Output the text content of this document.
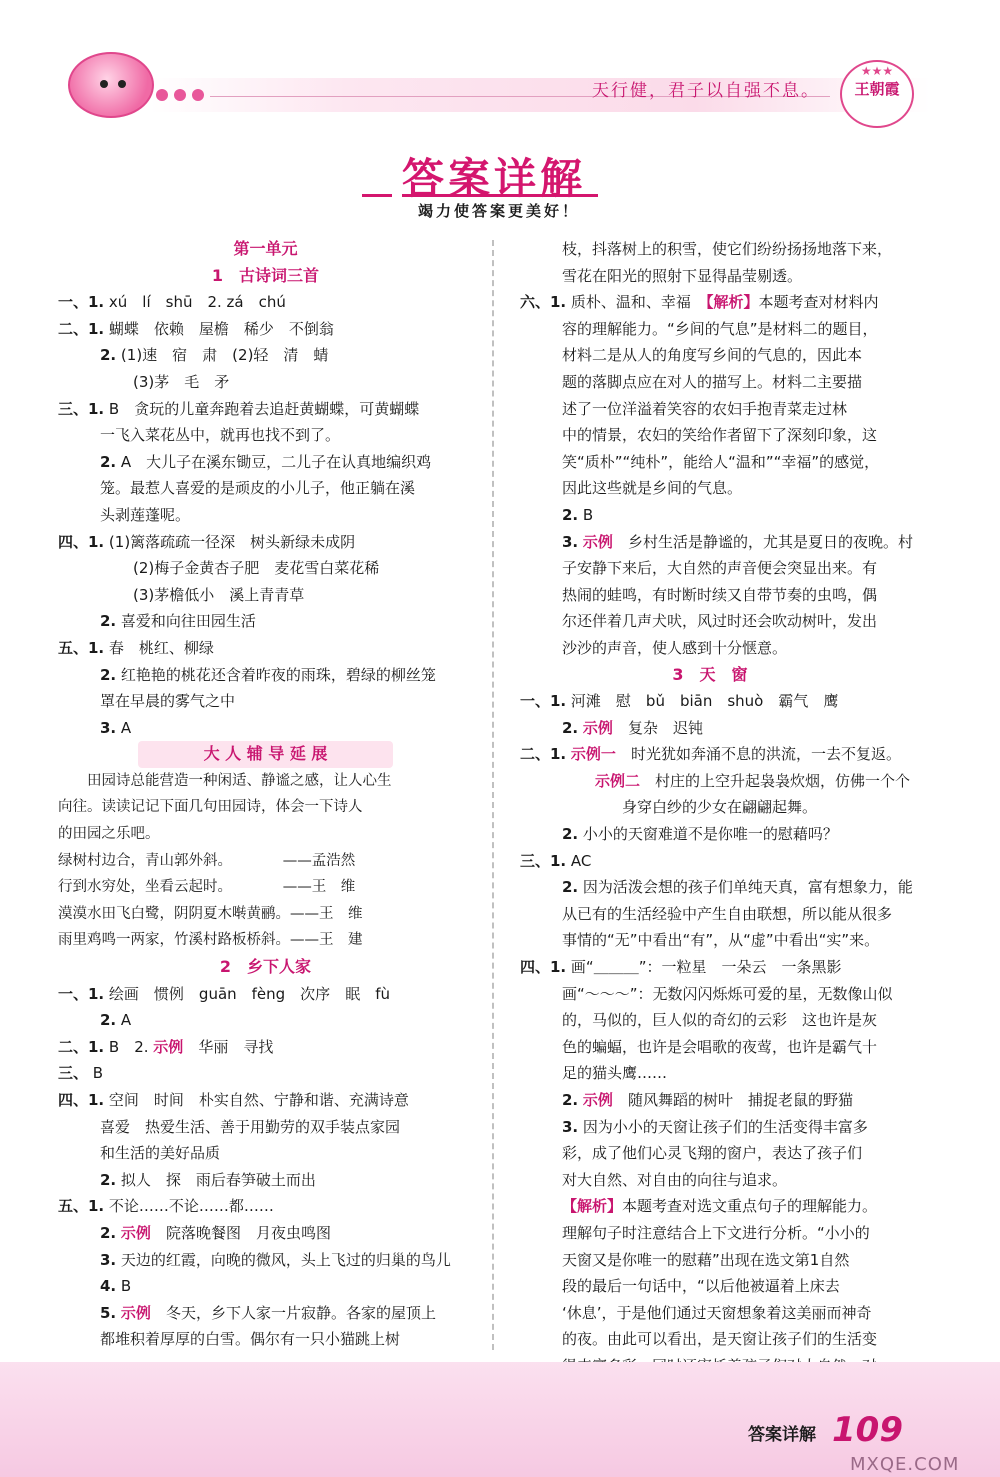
天行健，君子以自强不息。
★★★
王朝霞
答案详解
竭力使答案更美好！
第一单元
1　古诗词三首
一、1. xú　lí　shū　2. zá　chú
二、1. 蝴蝶　依赖　屋檐　稀少　不倒翁
2. (1)速　宿　肃　(2)轻　清　蜻
(3)茅　毛　矛
三、1. B　贪玩的儿童奔跑着去追赶黄蝴蝶，可黄蝴蝶
一飞入菜花丛中，就再也找不到了。
2. A　大儿子在溪东锄豆，二儿子在认真地编织鸡
笼。最惹人喜爱的是顽皮的小儿子，他正躺在溪
头剥莲蓬呢。
四、1. (1)篱落疏疏一径深　树头新绿未成阴
(2)梅子金黄杏子肥　麦花雪白菜花稀
(3)茅檐低小　溪上青青草
2. 喜爱和向往田园生活
五、1. 春　桃红、柳绿
2. 红艳艳的桃花还含着昨夜的雨珠，碧绿的柳丝笼
罩在早晨的雾气之中
3. A
大 人 辅 导 延 展
　　田园诗总能营造一种闲适、静谧之感，让人心生
向往。读读记记下面几句田园诗，体会一下诗人
的田园之乐吧。
绿树村边合，青山郭外斜。　　　　——孟浩然
行到水穷处，坐看云起时。　　　　——王　维
漠漠水田飞白鹭，阴阴夏木啭黄鹂。——王　维
雨里鸡鸣一两家，竹溪村路板桥斜。——王　建
2　乡下人家
一、1. 绘画　惯例　guān　fèng　次序　眠　fù
2. A
二、1. B　2. 示例　华丽　寻找
三、 B
四、1. 空间　时间　朴实自然、宁静和谐、充满诗意
喜爱　热爱生活、善于用勤劳的双手装点家园
和生活的美好品质
2. 拟人　探　雨后春笋破土而出
五、1. 不论……不论……都……
2. 示例　院落晚餐图　月夜虫鸣图
3. 天边的红霞，向晚的微风，头上飞过的归巢的鸟儿
4. B
5. 示例　冬天，乡下人家一片寂静。各家的屋顶上
都堆积着厚厚的白雪。偶尔有一只小猫跳上树
枝，抖落树上的积雪，使它们纷纷扬扬地落下来，
雪花在阳光的照射下显得晶莹剔透。
六、1. 质朴、温和、幸福　【解析】本题考查对材料内
容的理解能力。“乡间的气息”是材料二的题目，
材料二是从人的角度写乡间的气息的，因此本
题的落脚点应在对人的描写上。材料二主要描
述了一位洋溢着笑容的农妇手抱青菜走过林
中的情景，农妇的笑给作者留下了深刻印象，这
笑“质朴”“纯朴”，能给人“温和”“幸福”的感觉，
因此这些就是乡间的气息。
2. B
3. 示例　乡村生活是静谧的，尤其是夏日的夜晚。村
子安静下来后，大自然的声音便会突显出来。有
热闹的蛙鸣，有时断时续又自带节奏的虫鸣，偶
尔还伴着几声犬吠，风过时还会吹动树叶，发出
沙沙的声音，使人感到十分惬意。
3　天　窗
一、1. 河滩　慰　bǔ　biān　shuò　霸气　鹰
2. 示例　复杂　迟钝
二、1. 示例一　时光犹如奔涌不息的洪流，一去不复返。
示例二　村庄的上空升起袅袅炊烟，仿佛一个个
身穿白纱的少女在翩翩起舞。
2. 小小的天窗难道不是你唯一的慰藉吗？
三、1. AC
2. 因为活泼会想的孩子们单纯天真，富有想象力，能
从已有的生活经验中产生自由联想，所以能从很多
事情的“无”中看出“有”，从“虚”中看出“实”来。
四、1. 画“＿＿＿”：一粒星　一朵云　一条黑影
画“～～～”：无数闪闪烁烁可爱的星，无数像山似
的，马似的，巨人似的奇幻的云彩　这也许是灰
色的蝙蝠，也许是会唱歌的夜莺，也许是霸气十
足的猫头鹰……
2. 示例　随风舞蹈的树叶　捕捉老鼠的野猫
3. 因为小小的天窗让孩子们的生活变得丰富多
彩，成了他们心灵飞翔的窗户，表达了孩子们
对大自然、对自由的向往与追求。
【解析】本题考查对选文重点句子的理解能力。
理解句子时注意结合上下文进行分析。“小小的
天窗又是你唯一的慰藉”出现在选文第1自然
段的最后一句话中，“以后他被逼着上床去
‘休息’，于是他们通过天窗想象着这美丽而神奇
的夜。由此可以看出，是天窗让孩子们的生活变
答案详解 109
MXQE.COM
